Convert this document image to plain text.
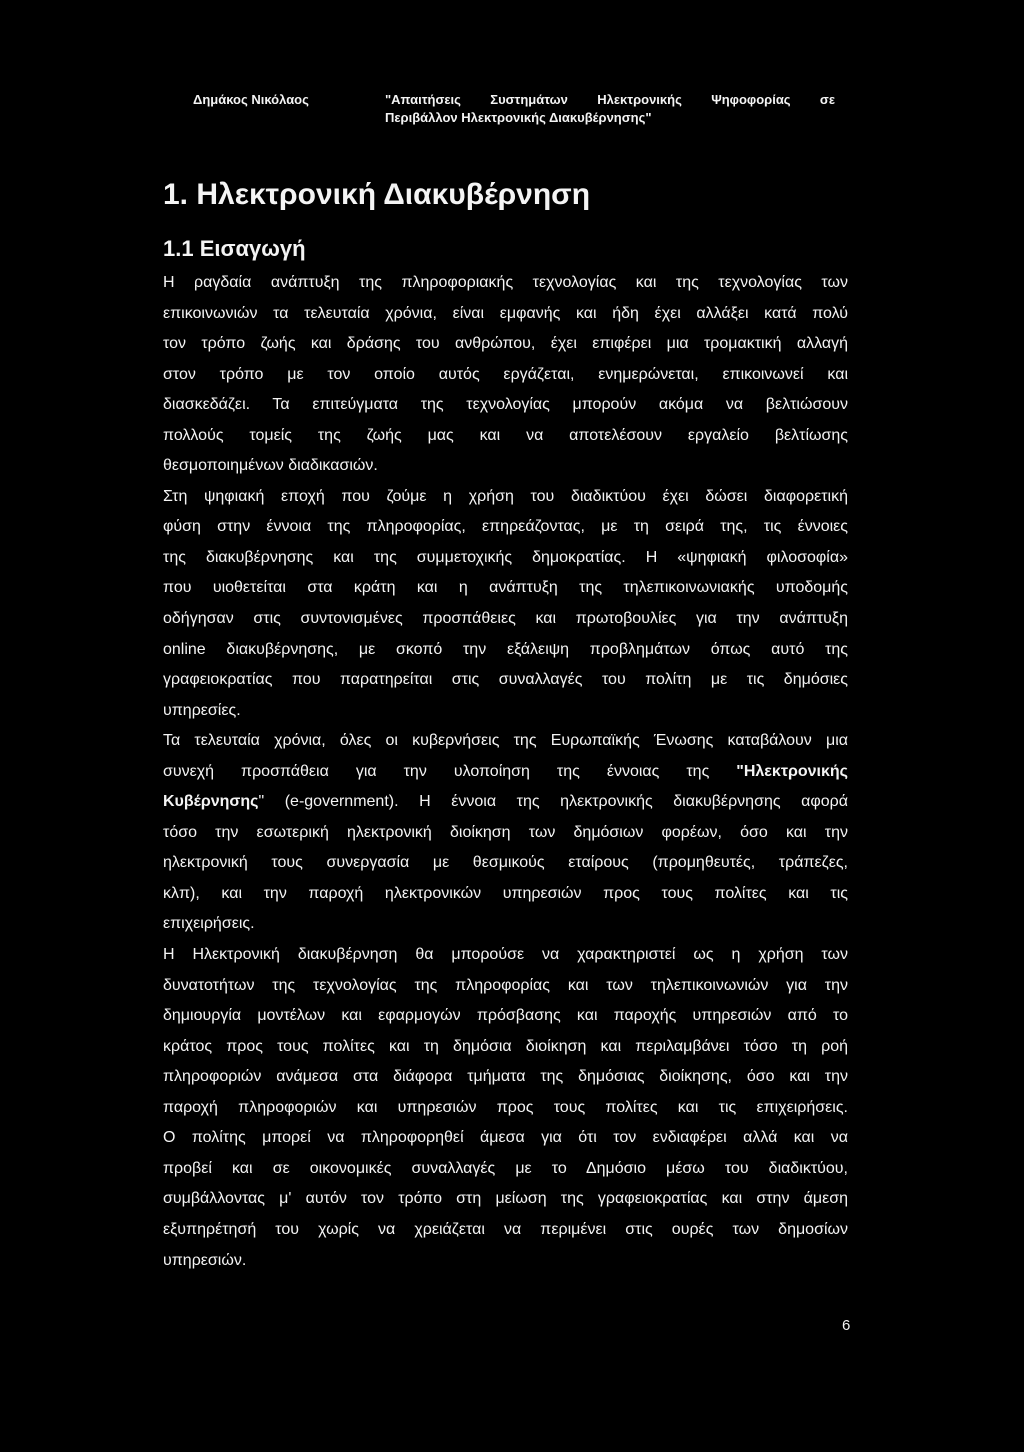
Δημάκος Νικόλαος	"Απαιτήσεις Συστημάτων Ηλεκτρονικής Ψηφοφορίας σε
Περιβάλλον Ηλεκτρονικής Διακυβέρνησης"
1. Ηλεκτρονική Διακυβέρνηση
1.1 Εισαγωγή
Η ραγδαία ανάπτυξη της πληροφοριακής τεχνολογίας και της τεχνολογίας των
επικοινωνιών τα τελευταία χρόνια, είναι εμφανής και ήδη έχει αλλάξει κατά πολύ
τον τρόπο ζωής και δράσης του ανθρώπου, έχει επιφέρει μια τρομακτική αλλαγή
στον τρόπο με τον οποίο αυτός εργάζεται, ενημερώνεται, επικοινωνεί και
διασκεδάζει. Τα επιτεύγματα της τεχνολογίας μπορούν ακόμα να βελτιώσουν
πολλούς τομείς της ζωής μας και να αποτελέσουν εργαλείο βελτίωσης
θεσμοποιημένων διαδικασιών.
Στη ψηφιακή εποχή που ζούμε η χρήση του διαδικτύου έχει δώσει διαφορετική
φύση στην έννοια της πληροφορίας, επηρεάζοντας, με τη σειρά της, τις έννοιες
της διακυβέρνησης και της συμμετοχικής δημοκρατίας. Η «ψηφιακή φιλοσοφία»
που υιοθετείται στα κράτη και η ανάπτυξη της τηλεπικοινωνιακής υποδομής
οδήγησαν στις συντονισμένες προσπάθειες και πρωτοβουλίες για την ανάπτυξη
online διακυβέρνησης, με σκοπό την εξάλειψη προβλημάτων όπως αυτό της
γραφειοκρατίας που παρατηρείται στις συναλλαγές του πολίτη με τις δημόσιες
υπηρεσίες.
Τα τελευταία χρόνια, όλες οι κυβερνήσεις της Ευρωπαϊκής Ένωσης καταβάλουν μια
συνεχή προσπάθεια για την υλοποίηση της έννοιας της "Ηλεκτρονικής
Κυβέρνησης" (e-government). Η έννοια της ηλεκτρονικής διακυβέρνησης αφορά
τόσο την εσωτερική ηλεκτρονική διοίκηση των δημόσιων φορέων, όσο και την
ηλεκτρονική τους συνεργασία με θεσμικούς εταίρους (προμηθευτές, τράπεζες,
κλπ), και την παροχή ηλεκτρονικών υπηρεσιών προς τους πολίτες και τις
επιχειρήσεις.
Η Ηλεκτρονική διακυβέρνηση θα μπορούσε να χαρακτηριστεί ως η χρήση των
δυνατοτήτων της τεχνολογίας της πληροφορίας και των τηλεπικοινωνιών για την
δημιουργία μοντέλων και εφαρμογών πρόσβασης και παροχής υπηρεσιών από το
κράτος προς τους πολίτες και τη δημόσια διοίκηση και περιλαμβάνει τόσο τη ροή
πληροφοριών ανάμεσα στα διάφορα τμήματα της δημόσιας διοίκησης, όσο και την
παροχή πληροφοριών και υπηρεσιών προς τους πολίτες και τις επιχειρήσεις.
Ο πολίτης μπορεί να πληροφορηθεί άμεσα για ότι τον ενδιαφέρει αλλά και να
προβεί και σε οικονομικές συναλλαγές με το Δημόσιο μέσω του διαδικτύου,
συμβάλλοντας μ' αυτόν τον τρόπο στη μείωση της γραφειοκρατίας και στην άμεση
εξυπηρέτησή του χωρίς να χρειάζεται να περιμένει στις ουρές των δημοσίων
υπηρεσιών.
6
